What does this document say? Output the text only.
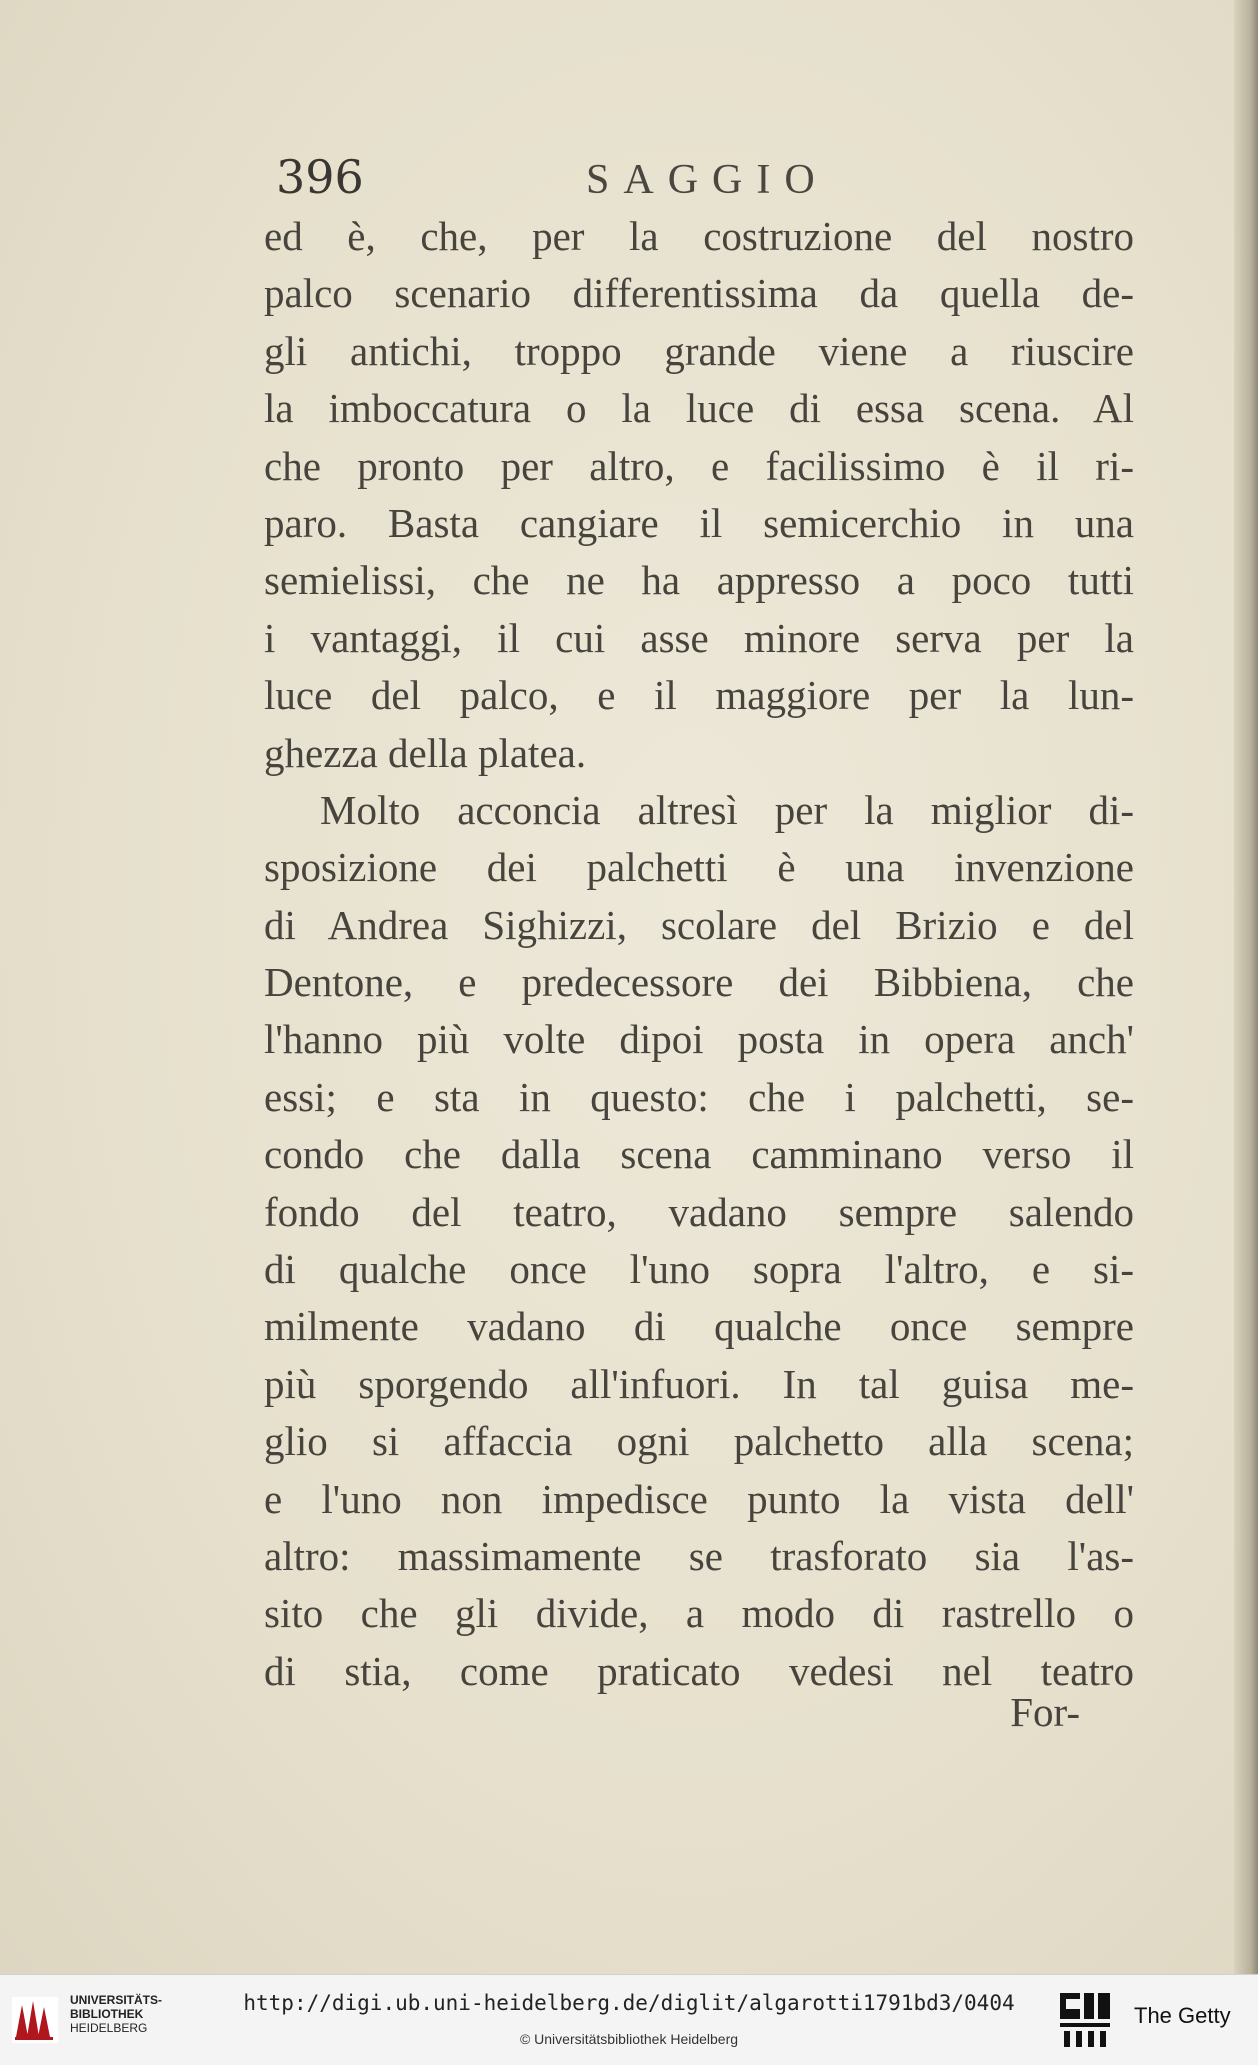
396	SAGGIO
ed è, che, per la costruzione del nostro
palco scenario differentissima da quella de-
gli antichi, troppo grande viene a riuscire
la imboccatura o la luce di essa scena. Al
che pronto per altro, e facilissimo è il ri-
paro. Basta cangiare il semicerchio in una
semielissi, che ne ha appresso a poco tutti
i vantaggi, il cui asse minore serva per la
luce del palco, e il maggiore per la lun-
ghezza della platea.
Molto acconcia altresì per la miglior di-
sposizione dei palchetti è una invenzione
di Andrea Sighizzi, scolare del Brizio e del
Dentone, e predecessore dei Bibbiena, che
l'hanno più volte dipoi posta in opera anch'
essi; e sta in questo: che i palchetti, se-
condo che dalla scena camminano verso il
fondo del teatro, vadano sempre salendo
di qualche once l'uno sopra l'altro, e si-
milmente vadano di qualche once sempre
più sporgendo all'infuori. In tal guisa me-
glio si affaccia ogni palchetto alla scena;
e l'uno non impedisce punto la vista dell'
altro: massimamente se trasforato sia l'as-
sito che gli divide, a modo di rastrello o
di stia, come praticato vedesi nel teatro
For-
UNIVERSITÄTS-
BIBLIOTHEK
HEIDELBERG
http://digi.ub.uni-heidelberg.de/diglit/algarotti1791bd3/0404
© Universitätsbibliothek Heidelberg
The Getty
